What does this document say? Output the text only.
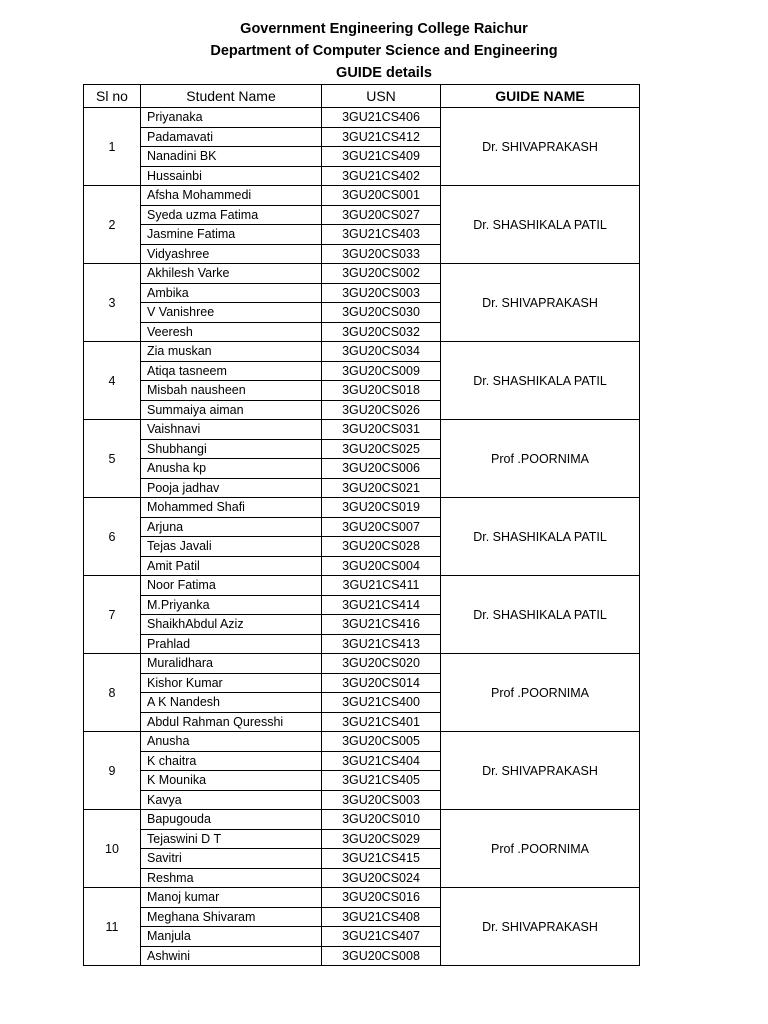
Government Engineering College Raichur
Department of Computer Science and Engineering
GUIDE details
Sl no	Student Name	USN	GUIDE NAME
1	Priyanaka	3GU21CS406	Dr. SHIVAPRAKASH
	Padamavati	3GU21CS412	
	Nanadini BK	3GU21CS409	
	Hussainbi	3GU21CS402	
2	Afsha Mohammedi	3GU20CS001	Dr. SHASHIKALA PATIL
	Syeda uzma Fatima	3GU20CS027	
	Jasmine Fatima	3GU21CS403	
	Vidyashree	3GU20CS033	
3	Akhilesh Varke	3GU20CS002	Dr. SHIVAPRAKASH
	Ambika	3GU20CS003	
	V Vanishree	3GU20CS030	
	Veeresh	3GU20CS032	
4	Zia muskan	3GU20CS034	Dr. SHASHIKALA PATIL
	Atiqa tasneem	3GU20CS009	
	Misbah nausheen	3GU20CS018	
	Summaiya aiman	3GU20CS026	
5	Vaishnavi	3GU20CS031	Prof .POORNIMA
	Shubhangi	3GU20CS025	
	Anusha kp	3GU20CS006	
	Pooja jadhav	3GU20CS021	
6	Mohammed Shafi	3GU20CS019	Dr. SHASHIKALA PATIL
	Arjuna	3GU20CS007	
	Tejas Javali	3GU20CS028	
	Amit Patil	3GU20CS004	
7	Noor Fatima	3GU21CS411	Dr. SHASHIKALA PATIL
	M.Priyanka	3GU21CS414	
	ShaikhAbdul Aziz	3GU21CS416	
	Prahlad	3GU21CS413	
8	Muralidhara	3GU20CS020	Prof .POORNIMA
	Kishor Kumar	3GU20CS014	
	A K Nandesh	3GU21CS400	
	Abdul Rahman Quresshi	3GU21CS401	
9	Anusha	3GU20CS005	Dr. SHIVAPRAKASH
	K chaitra	3GU21CS404	
	K Mounika	3GU21CS405	
	Kavya	3GU20CS003	
10	Bapugouda	3GU20CS010	Prof .POORNIMA
	Tejaswini D T	3GU20CS029	
	Savitri	3GU21CS415	
	Reshma	3GU20CS024	
11	Manoj kumar	3GU20CS016	Dr. SHIVAPRAKASH
	Meghana Shivaram	3GU21CS408	
	Manjula	3GU21CS407	
	Ashwini	3GU20CS008	
